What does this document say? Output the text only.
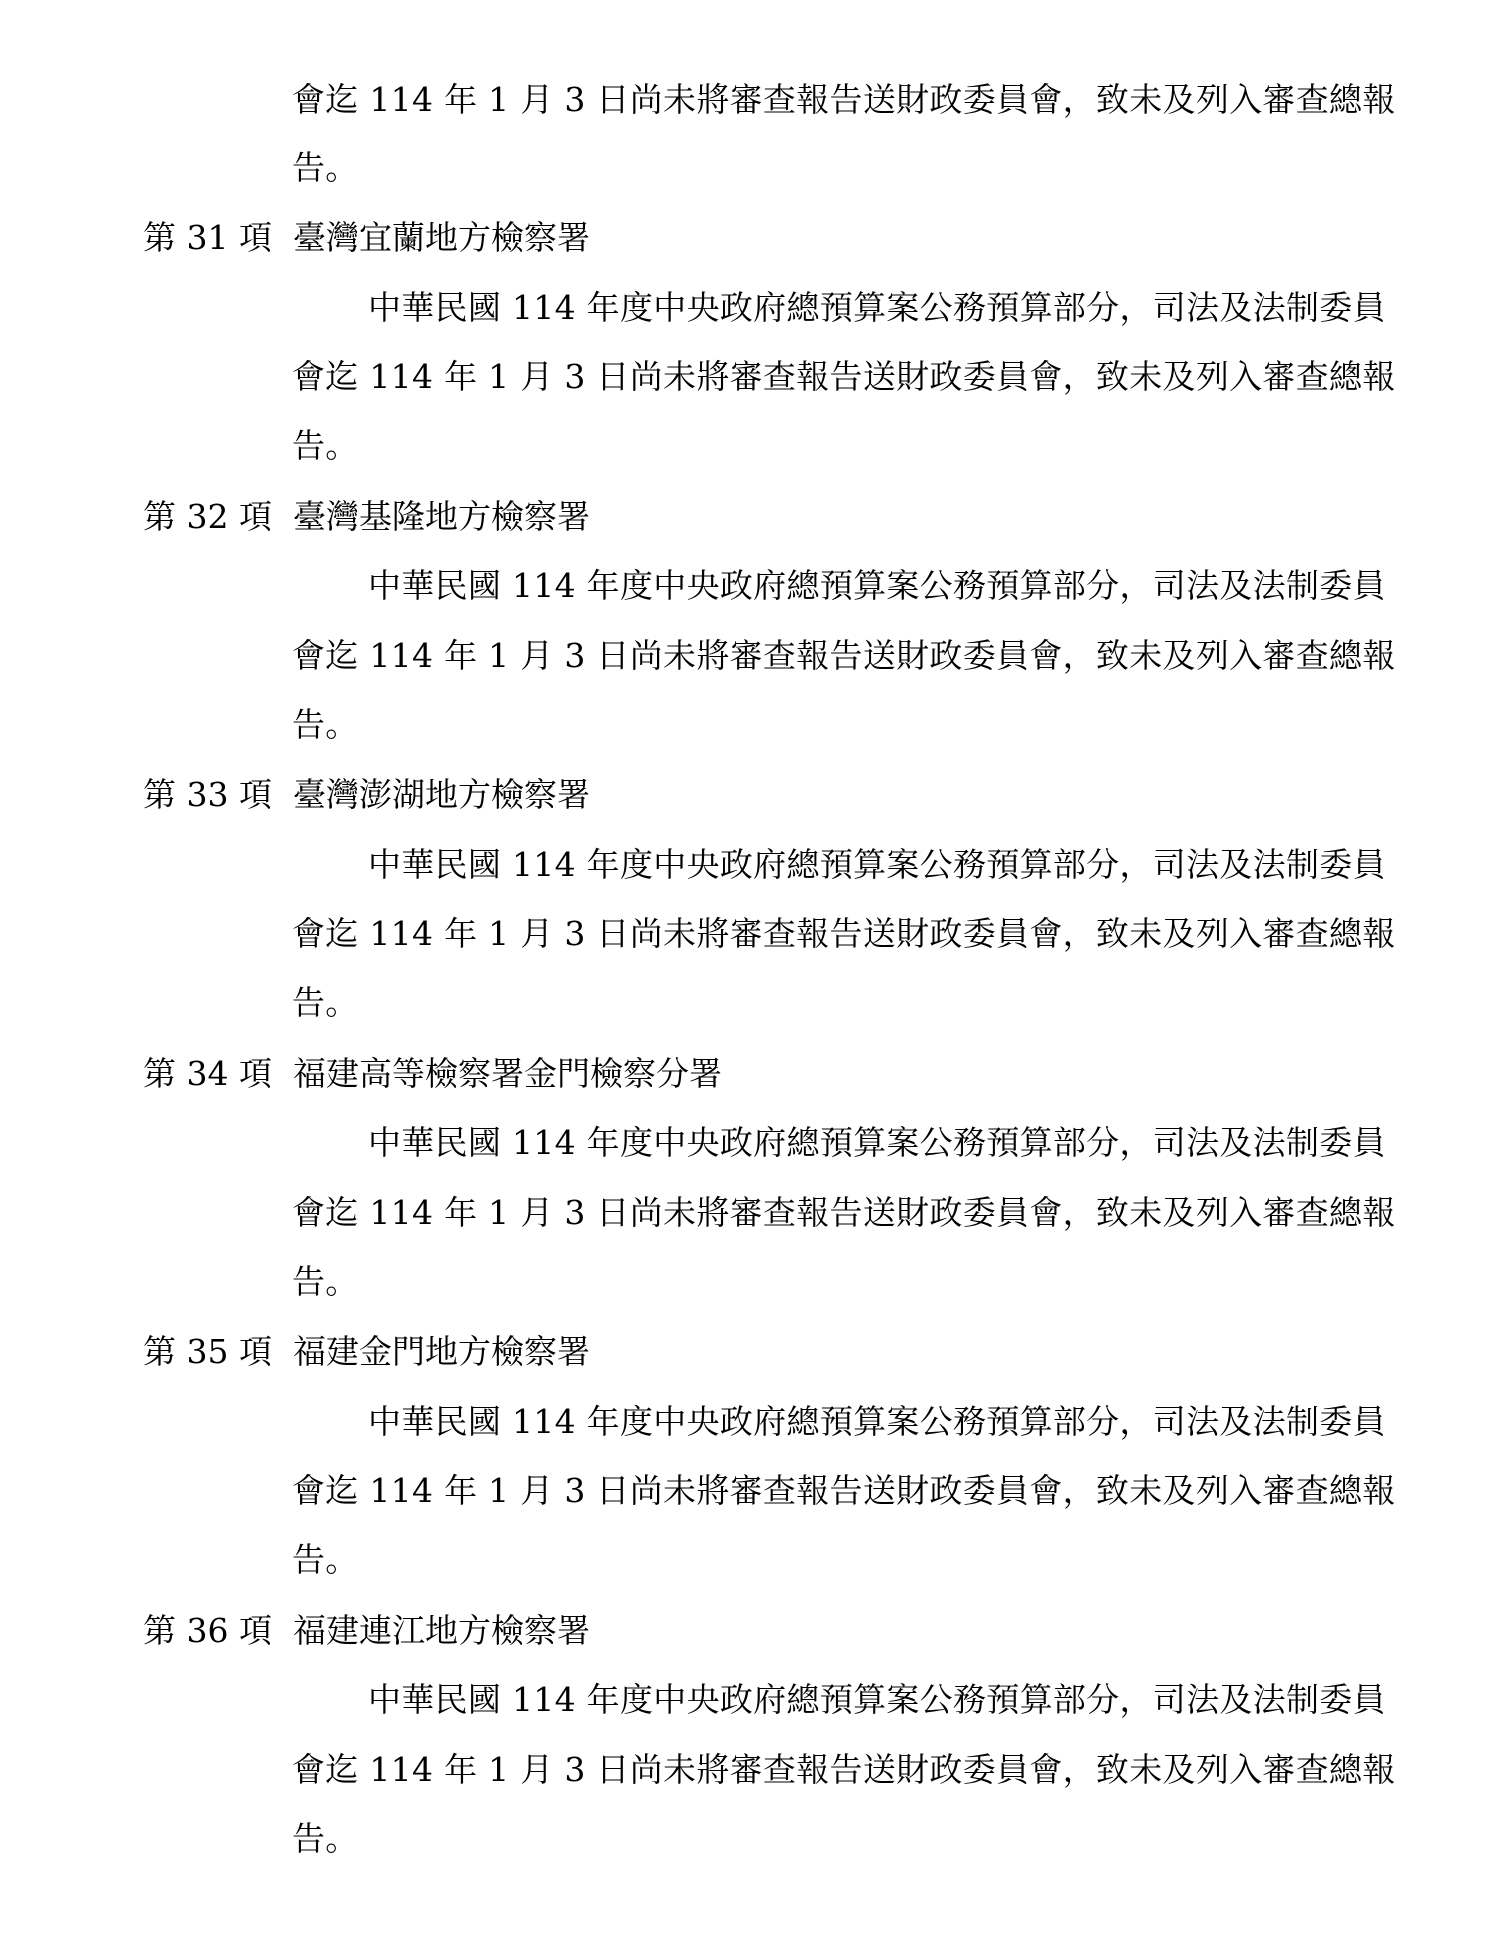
會迄 114 年 1 月 3 日尚未將審查報告送財政委員會，致未及列入審查總報
告。
第 31 項 臺灣宜蘭地方檢察署
中華民國 114 年度中央政府總預算案公務預算部分，司法及法制委員
會迄 114 年 1 月 3 日尚未將審查報告送財政委員會，致未及列入審查總報
告。
第 32 項 臺灣基隆地方檢察署
中華民國 114 年度中央政府總預算案公務預算部分，司法及法制委員
會迄 114 年 1 月 3 日尚未將審查報告送財政委員會，致未及列入審查總報
告。
第 33 項 臺灣澎湖地方檢察署
中華民國 114 年度中央政府總預算案公務預算部分，司法及法制委員
會迄 114 年 1 月 3 日尚未將審查報告送財政委員會，致未及列入審查總報
告。
第 34 項 福建高等檢察署金門檢察分署
中華民國 114 年度中央政府總預算案公務預算部分，司法及法制委員
會迄 114 年 1 月 3 日尚未將審查報告送財政委員會，致未及列入審查總報
告。
第 35 項 福建金門地方檢察署
中華民國 114 年度中央政府總預算案公務預算部分，司法及法制委員
會迄 114 年 1 月 3 日尚未將審查報告送財政委員會，致未及列入審查總報
告。
第 36 項 福建連江地方檢察署
中華民國 114 年度中央政府總預算案公務預算部分，司法及法制委員
會迄 114 年 1 月 3 日尚未將審查報告送財政委員會，致未及列入審查總報
告。
